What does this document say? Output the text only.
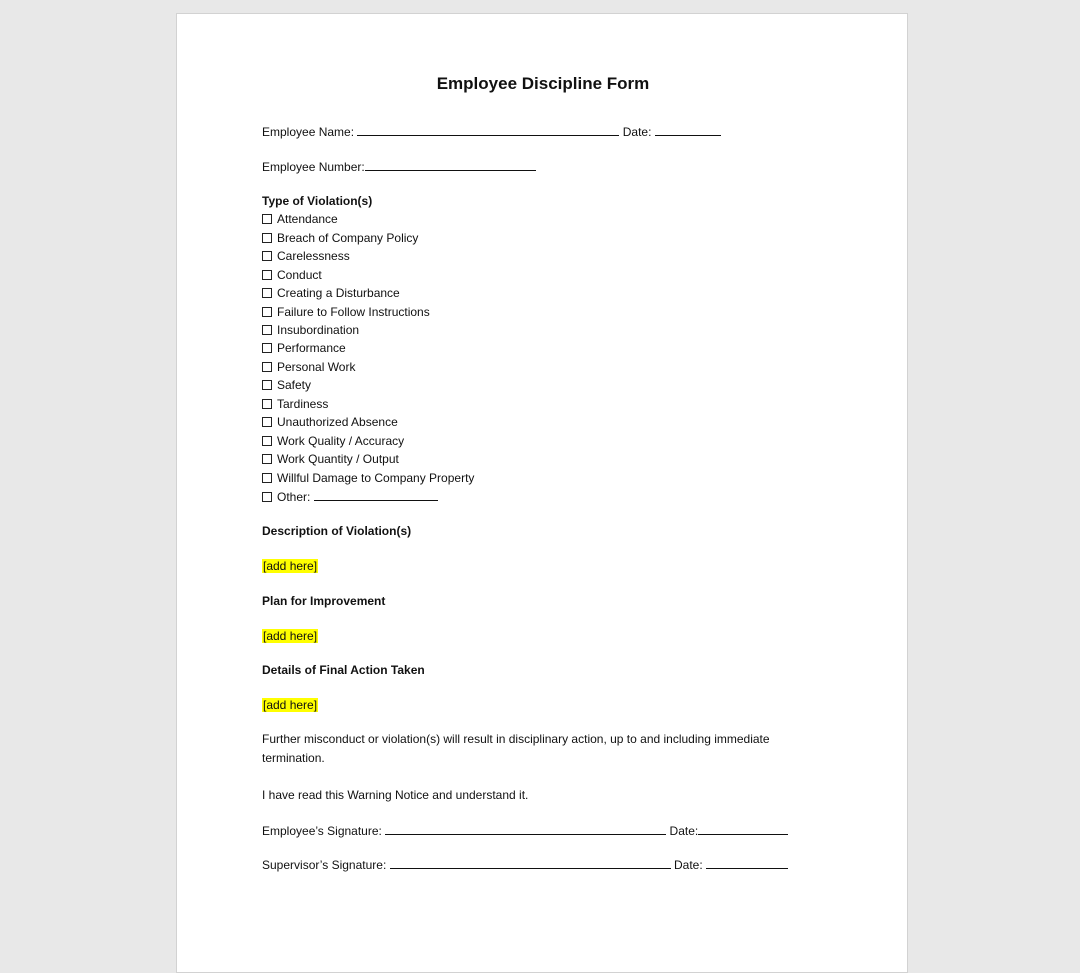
Employee Discipline Form
Employee Name:	Date:
Employee Number:
Type of Violation(s)
Attendance
Breach of Company Policy
Carelessness
Conduct
Creating a Disturbance
Failure to Follow Instructions
Insubordination
Performance
Personal Work
Safety
Tardiness
Unauthorized Absence
Work Quality / Accuracy
Work Quantity / Output
Willful Damage to Company Property
Other:
Description of Violation(s)
[add here]
Plan for Improvement
[add here]
Details of Final Action Taken
[add here]
Further misconduct or violation(s) will result in disciplinary action, up to and including immediate termination.
I have read this Warning Notice and understand it.
Employee’s Signature:	Date:
Supervisor’s Signature:	Date:
